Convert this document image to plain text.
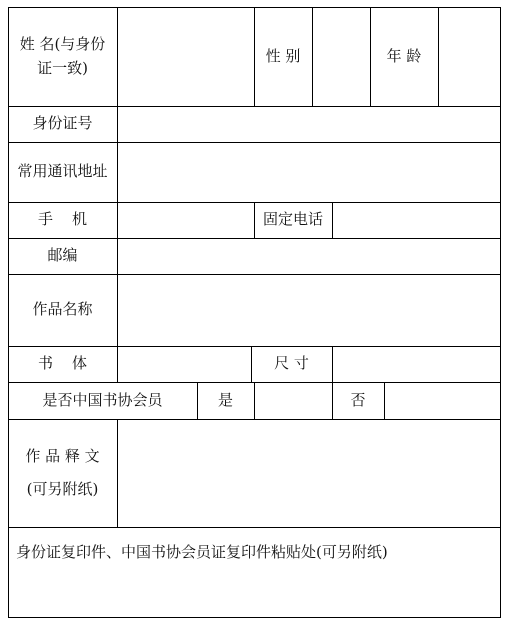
姓 名(与身份
证一致)
性 别	年 龄
身份证号
常用通讯地址
手    机	固定电话
邮编
作品名称
书    体	尺 寸
是否中国书协会员	是	否
作 品 释 文
(可另附纸)
身份证复印件、中国书协会员证复印件粘贴处(可另附纸)
